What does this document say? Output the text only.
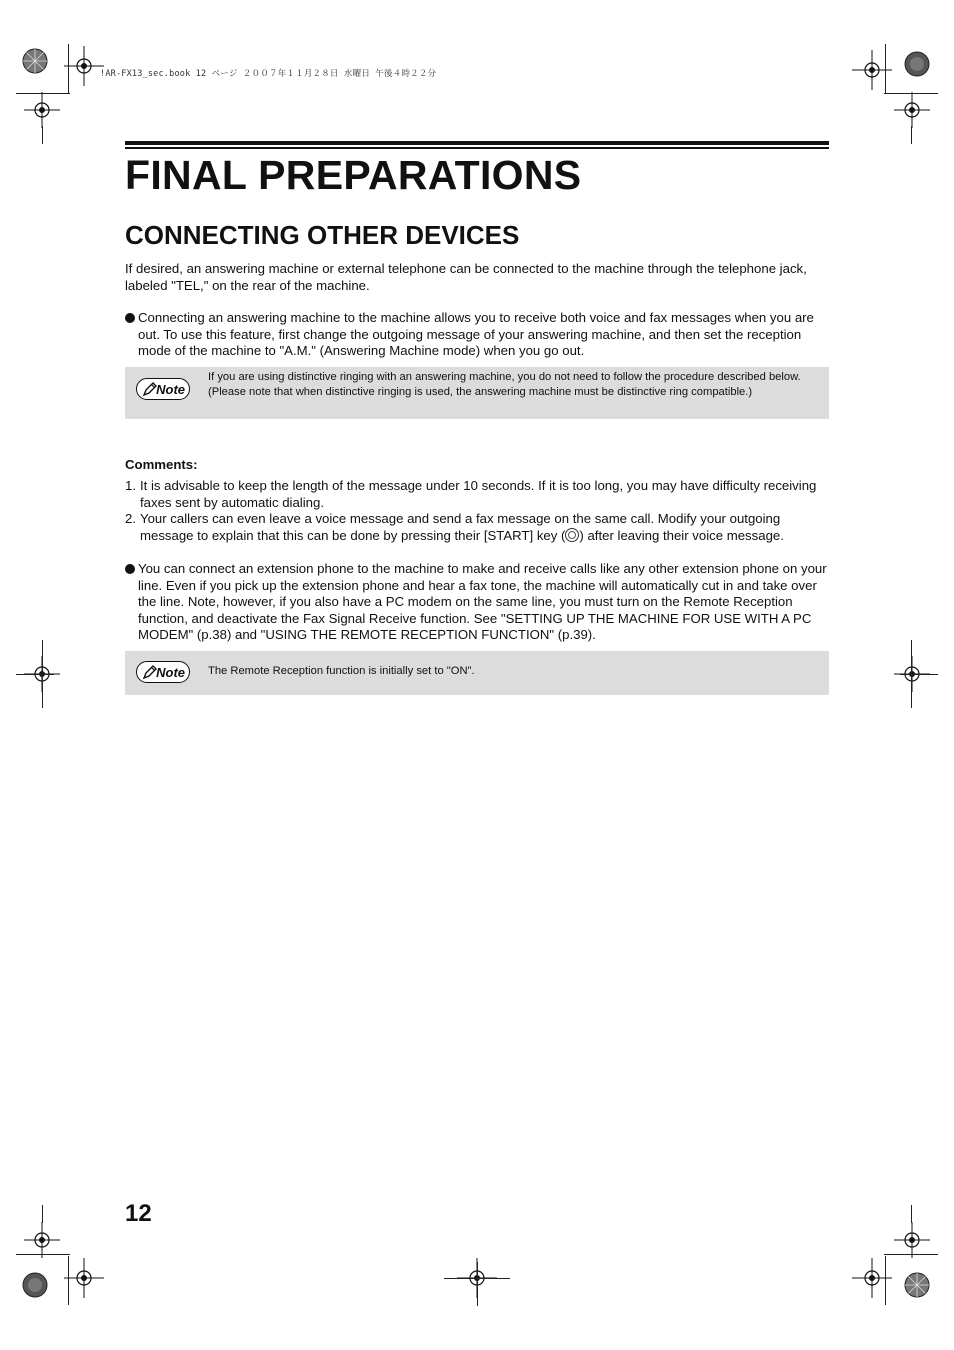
!AR-FX13_sec.book 12 ページ ２００７年１１月２８日 水曜日 午後４時２２分
FINAL PREPARATIONS
CONNECTING OTHER DEVICES
If desired, an answering machine or external telephone can be connected to the machine through the telephone jack, labeled "TEL," on the rear of the machine.
Connecting an answering machine to the machine allows you to receive both voice and fax messages when you are out. To use this feature, first change the outgoing message of your answering machine, and then set the reception mode of the machine to "A.M." (Answering Machine mode) when you go out.
Note
If you are using distinctive ringing with an answering machine, you do not need to follow the procedure described below. (Please note that when distinctive ringing is used, the answering machine must be distinctive ring compatible.)
Comments:
1. It is advisable to keep the length of the message under 10 seconds. If it is too long, you may have difficulty receiving faxes sent by automatic dialing.
2. Your callers can even leave a voice message and send a fax message on the same call. Modify your outgoing message to explain that this can be done by pressing their [START] key ( ) after leaving their voice message.
You can connect an extension phone to the machine to make and receive calls like any other extension phone on your line. Even if you pick up the extension phone and hear a fax tone, the machine will automatically cut in and take over the line. Note, however, if you also have a PC modem on the same line, you must turn on the Remote Reception function, and deactivate the Fax Signal Receive function. See "SETTING UP THE MACHINE FOR USE WITH A PC MODEM" (p.38) and "USING THE REMOTE RECEPTION FUNCTION" (p.39).
Note	The Remote Reception function is initially set to "ON".
12
